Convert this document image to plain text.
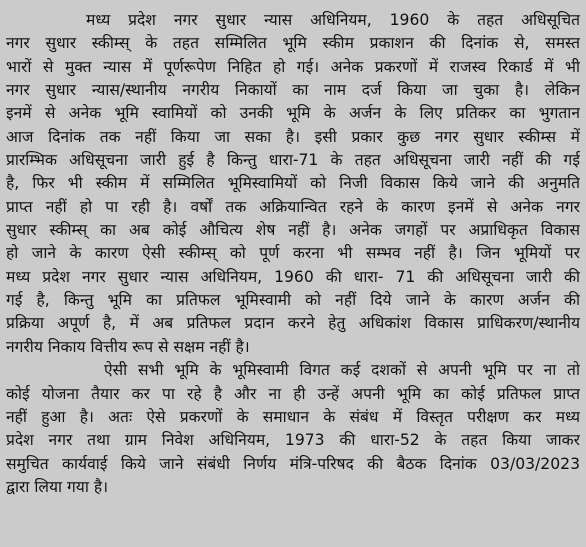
मध्य प्रदेश नगर सुधार न्यास अधिनियम, 1960 के तहत अधिसूचित
नगर सुधार स्कीम्स् के तहत सम्मिलित भूमि स्कीम प्रकाशन की दिनांक से, समस्त
भारों से मुक्त न्यास में पूर्णरूपेण निहित हो गई। अनेक प्रकरणों में राजस्व रिकार्ड में भी
नगर सुधार न्यास/स्थानीय नगरीय निकायों का नाम दर्ज किया जा चुका है। लेकिन
इनमें से अनेक भूमि स्वामियों को उनकी भूमि के अर्जन के लिए प्रतिकर का भुगतान
आज दिनांक तक नहीं किया जा सका है। इसी प्रकार कुछ नगर सुधार स्कीम्स में
प्रारम्भिक अधिसूचना जारी हुई है किन्तु धारा-71 के तहत अधिसूचना जारी नहीं की गई
है, फिर भी स्कीम में सम्मिलित भूमिस्वामियों को निजी विकास किये जाने की अनुमति
प्राप्त नहीं हो पा रही है। वर्षों तक अक्रियान्वित रहने के कारण इनमें से अनेक नगर
सुधार स्कीम्स् का अब कोई औचित्य शेष नहीं है। अनेक जगहों पर अप्राधिकृत विकास
हो जाने के कारण ऐसी स्कीम्स् को पूर्ण करना भी सम्भव नहीं है। जिन भूमियों पर
मध्य प्रदेश नगर सुधार न्यास अधिनियम, 1960 की धारा- 71 की अधिसूचना जारी की
गई है, किन्तु भूमि का प्रतिफल भूमिस्वामी को नहीं दिये जाने के कारण अर्जन की
प्रक्रिया अपूर्ण है, में अब प्रतिफल प्रदान करने हेतु अधिकांश विकास प्राधिकरण/स्थानीय
नगरीय निकाय वित्तीय रूप से सक्षम नहीं है।
ऐसी सभी भूमि के भूमिस्वामी विगत कई दशकों से अपनी भूमि पर ना तो
कोई योजना तैयार कर पा रहे है और ना ही उन्हें अपनी भूमि का कोई प्रतिफल प्राप्त
नहीं हुआ है। अतः ऐसे प्रकरणों के समाधान के संबंध में विस्तृत परीक्षण कर मध्य
प्रदेश नगर तथा ग्राम निवेश अधिनियम, 1973 की धारा-52 के तहत किया जाकर
समुचित कार्यवाई किये जाने संबंधी निर्णय मंत्रि-परिषद की बैठक दिनांक 03/03/2023
द्वारा लिया गया है।
